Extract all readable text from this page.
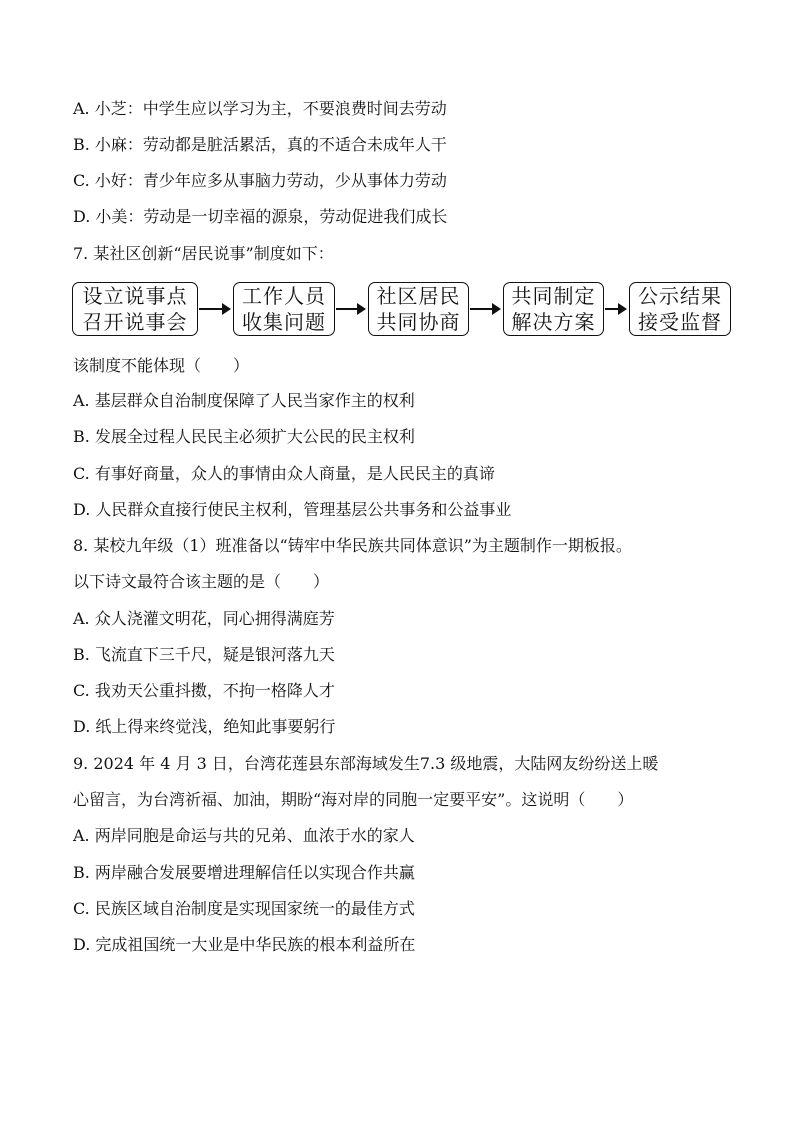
A. 小芝：中学生应以学习为主，不要浪费时间去劳动
B. 小麻：劳动都是脏活累活，真的不适合未成年人干
C. 小好：青少年应多从事脑力劳动，少从事体力劳动
D. 小美：劳动是一切幸福的源泉，劳动促进我们成长
7. 某社区创新“居民说事”制度如下：
设立说事点
召开说事会
工作人员
收集问题
社区居民
共同协商
共同制定
解决方案
公示结果
接受监督
该制度不能体现（　　）
A. 基层群众自治制度保障了人民当家作主的权利
B. 发展全过程人民民主必须扩大公民的民主权利
C. 有事好商量，众人的事情由众人商量，是人民民主的真谛
D. 人民群众直接行使民主权利，管理基层公共事务和公益事业
8. 某校九年级（1）班准备以“铸牢中华民族共同体意识”为主题制作一期板报。
以下诗文最符合该主题的是（　　）
A. 众人浇灌文明花，同心拥得满庭芳
B. 飞流直下三千尺，疑是银河落九天
C. 我劝天公重抖擞，不拘一格降人才
D. 纸上得来终觉浅，绝知此事要躬行
9. 2024 年 4 月 3 日，台湾花莲县东部海域发生7.3 级地震，大陆网友纷纷送上暖
心留言，为台湾祈福、加油，期盼“海对岸的同胞一定要平安”。这说明（　　）
A. 两岸同胞是命运与共的兄弟、血浓于水的家人
B. 两岸融合发展要增进理解信任以实现合作共赢
C. 民族区域自治制度是实现国家统一的最佳方式
D. 完成祖国统一大业是中华民族的根本利益所在
